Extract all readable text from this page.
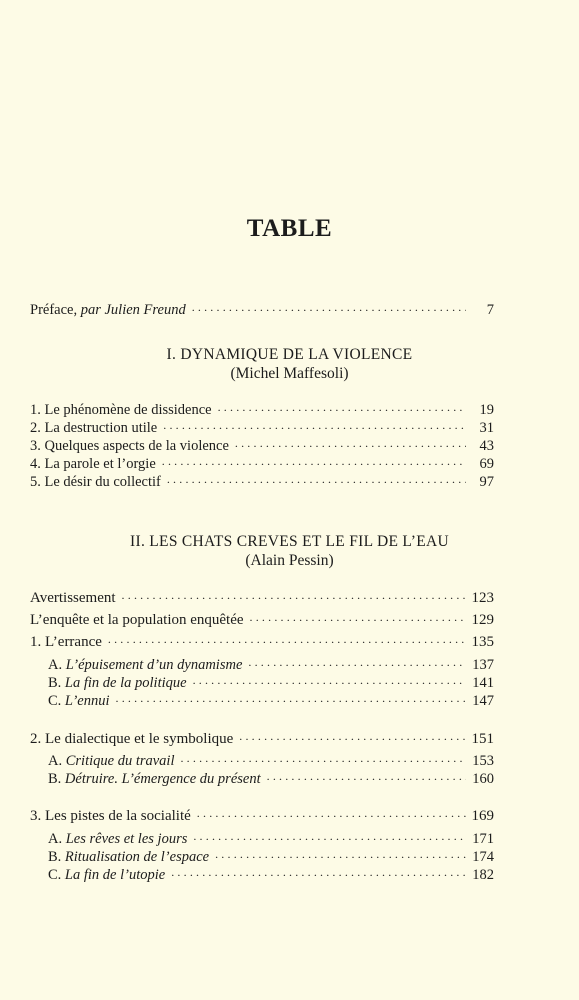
TABLE
Préface, par Julien Freund .....	7
I. DYNAMIQUE DE LA VIOLENCE
(Michel Maffesoli)
1. Le phénomène de dissidence .....	19
2. La destruction utile .....	31
3. Quelques aspects de la violence .....	43
4. La parole et l’orgie .....	69
5. Le désir du collectif .....	97
II. LES CHATS CREVES ET LE FIL DE L’EAU
(Alain Pessin)
Avertissement .....	123
L’enquête et la population enquêtée .....	129
1. L’errance .....	135
A. L’épuisement d’un dynamisme .....	137
B. La fin de la politique .....	141
C. L’ennui .....	147
2. Le dialectique et le symbolique .....	151
A. Critique du travail .....	153
B. Détruire. L’émergence du présent .....	160
3. Les pistes de la socialité .....	169
A. Les rêves et les jours .....	171
B. Ritualisation de l’espace .....	174
C. La fin de l’utopie .....	182
